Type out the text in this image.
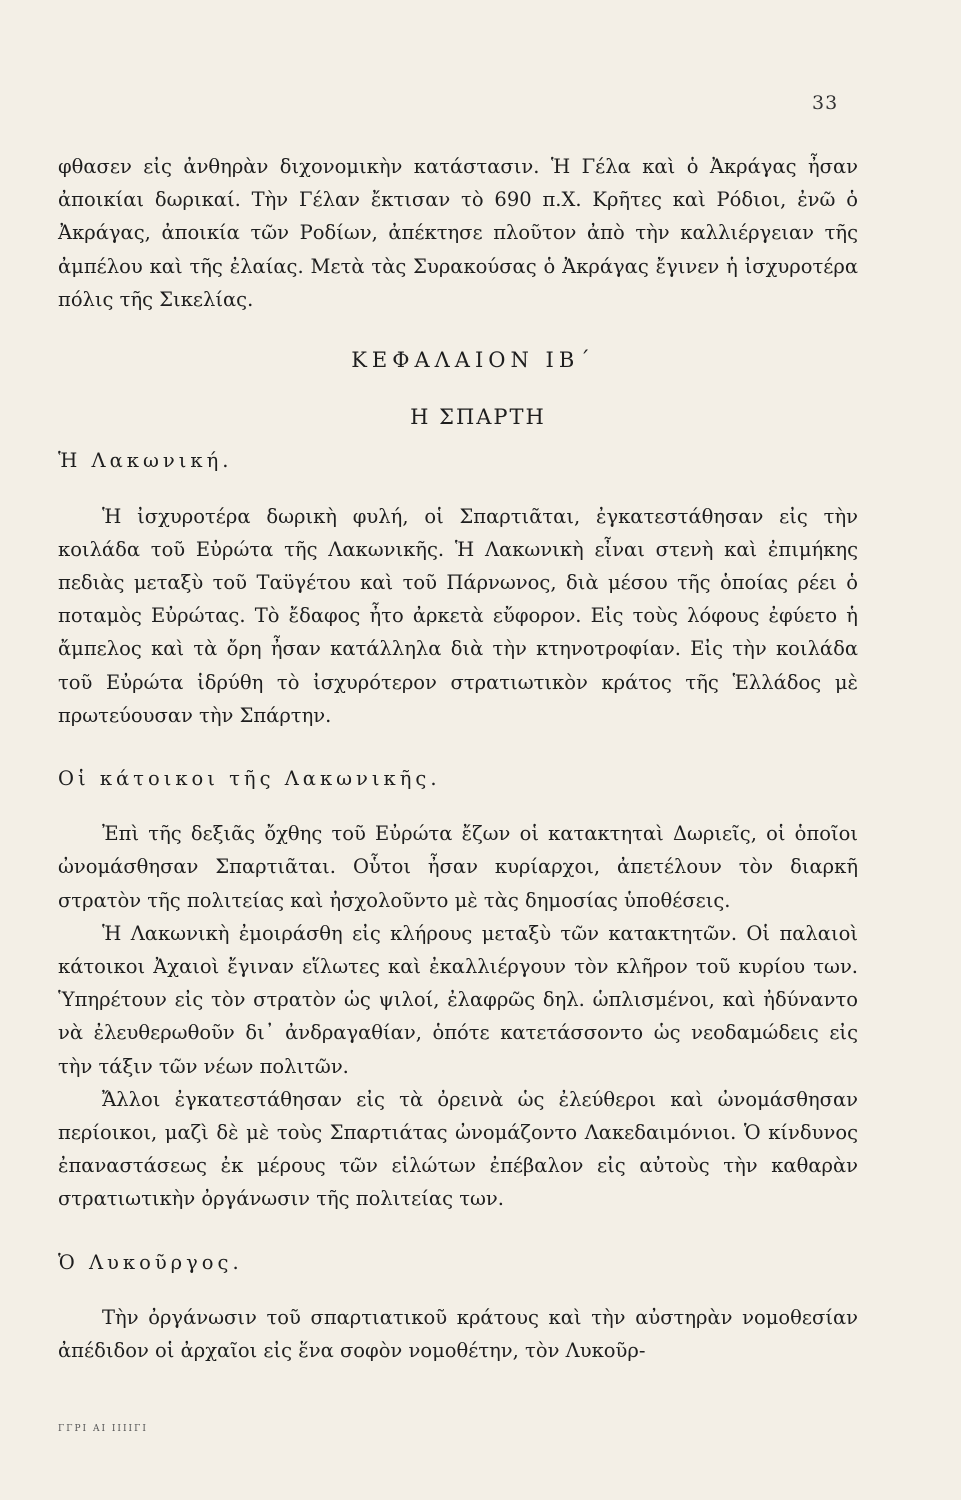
33

φθασεν εἰς ἀνθηρὰν διχονομικὴν κατάστασιν. Ἡ Γέλα καὶ ὁ Ἀκράγας ἦσαν ἀποικίαι δωρικαί. Τὴν Γέλαν ἔκτισαν τὸ 690 π.Χ. Κρῆτες καὶ Ρόδιοι, ἐνῶ ὁ Ἀκράγας, ἀποικία τῶν Ροδίων, ἀπέκτησε πλοῦτον ἀπὸ τὴν καλλιέργειαν τῆς ἀμπέλου καὶ τῆς ἐλαίας. Μετὰ τὰς Συρακούσας ὁ Ἀκράγας ἔγινεν ἡ ἰσχυροτέρα πόλις τῆς Σικελίας.

ΚΕΦΑΛΑΙΟΝ ΙΒ΄
Η ΣΠΑΡΤΗ
Ἡ Λακωνική.

Ἡ ἰσχυροτέρα δωρικὴ φυλή, οἱ Σπαρτιᾶται, ἐγκατεστάθησαν εἰς τὴν κοιλάδα τοῦ Εὐρώτα τῆς Λακωνικῆς. Ἡ Λακωνικὴ εἶναι στενὴ καὶ ἐπιμήκης πεδιὰς μεταξὺ τοῦ Ταϋγέτου καὶ τοῦ Πάρνωνος, διὰ μέσου τῆς ὁποίας ρέει ὁ ποταμὸς Εὐρώτας. Τὸ ἔδαφος ἦτο ἀρκετὰ εὔφορον. Εἰς τοὺς λόφους ἐφύετο ἡ ἄμπελος καὶ τὰ ὄρη ἦσαν κατάλληλα διὰ τὴν κτηνοτροφίαν. Εἰς τὴν κοιλάδα τοῦ Εὐρώτα ἱδρύθη τὸ ἰσχυρότερον στρατιωτικὸν κράτος τῆς Ἑλλάδος μὲ πρωτεύουσαν τὴν Σπάρτην.

Οἱ κάτοικοι τῆς Λακωνικῆς.

Ἐπὶ τῆς δεξιᾶς ὄχθης τοῦ Εὐρώτα ἔζων οἱ κατακτηταὶ Δωριεῖς, οἱ ὁποῖοι ὠνομάσθησαν Σπαρτιᾶται. Οὗτοι ἦσαν κυρίαρχοι, ἀπετέλουν τὸν διαρκῆ στρατὸν τῆς πολιτείας καὶ ἠσχολοῦντο μὲ τὰς δημοσίας ὑποθέσεις.

Ἡ Λακωνικὴ ἐμοιράσθη εἰς κλήρους μεταξὺ τῶν κατακτητῶν. Οἱ παλαιοὶ κάτοικοι Ἀχαιοὶ ἔγιναν εἵλωτες καὶ ἐκαλλιέργουν τὸν κλῆρον τοῦ κυρίου των. Ὑπηρέτουν εἰς τὸν στρατὸν ὡς ψιλοί, ἐλαφρῶς δηλ. ὡπλισμένοι, καὶ ἠδύναντο νὰ ἐλευθερωθοῦν δι᾽ ἀνδραγαθίαν, ὁπότε κατετάσσοντο ὡς νεοδαμώδεις εἰς τὴν τάξιν τῶν νέων πολιτῶν.

Ἄλλοι ἐγκατεστάθησαν εἰς τὰ ὀρεινὰ ὡς ἐλεύθεροι καὶ ὠνομάσθησαν περίοικοι, μαζὶ δὲ μὲ τοὺς Σπαρτιάτας ὠνομάζοντο Λακεδαιμόνιοι. Ὁ κίνδυνος ἐπαναστάσεως ἐκ μέρους τῶν εἱλώτων ἐπέβαλον εἰς αὐτοὺς τὴν καθαρὰν στρατιωτικὴν ὀργάνωσιν τῆς πολιτείας των.

Ὁ Λυκοῦργος.

Τὴν ὀργάνωσιν τοῦ σπαρτιατικοῦ κράτους καὶ τὴν αὐστηρὰν νομοθεσίαν ἀπέδιδον οἱ ἀρχαῖοι εἰς ἕνα σοφὸν νομοθέτην, τὸν Λυκοῦρ-

ΓΓΡΙ ΑΙ ΙΙΙΙΓΙ
